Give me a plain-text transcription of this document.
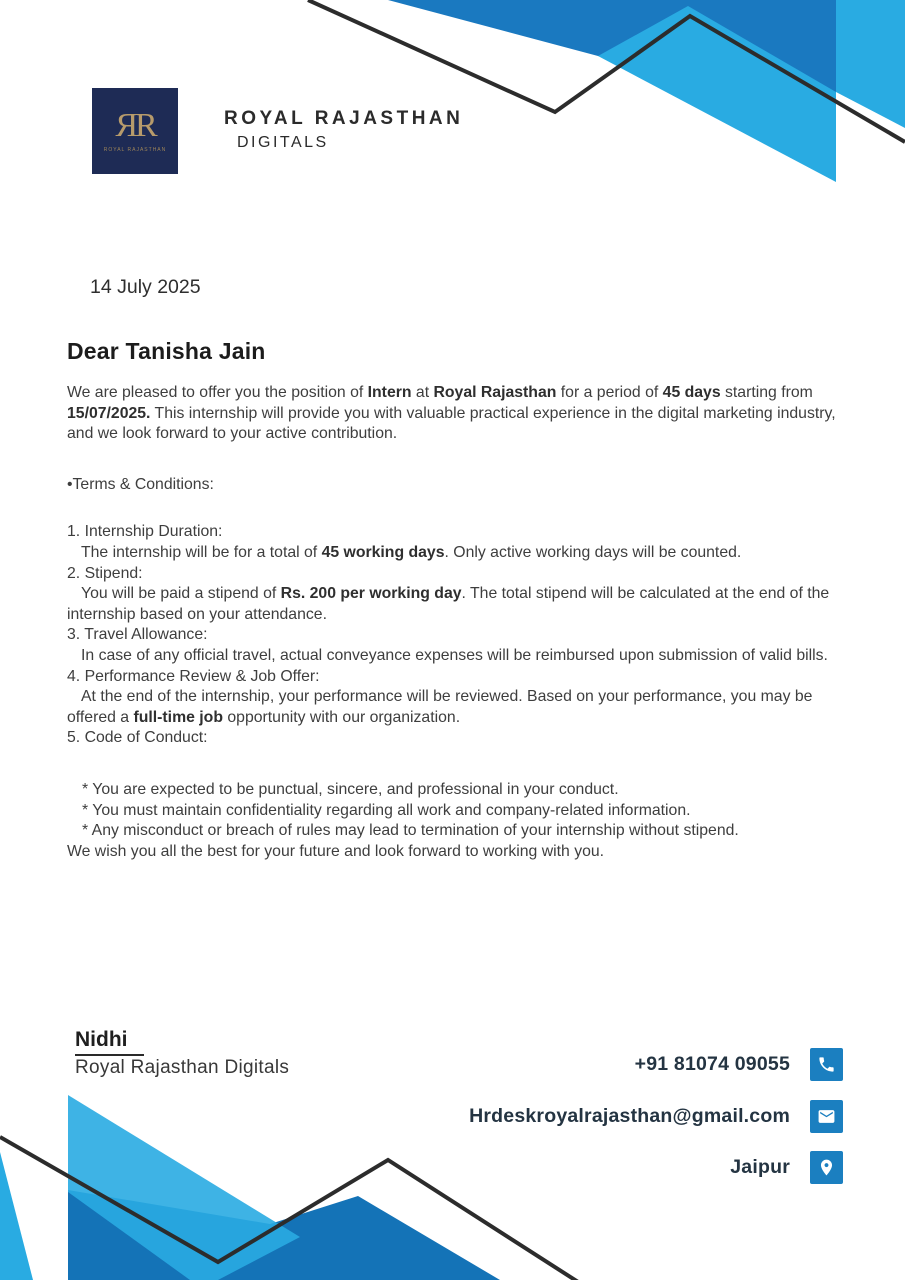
ЯR
ROYAL RAJASTHAN
ROYAL RAJASTHAN
DIGITALS
14 July 2025
Dear Tanisha Jain

We are pleased to offer you the position of Intern at Royal Rajasthan for a period of 45 days starting from 15/07/2025. This internship will provide you with valuable practical experience in the digital marketing industry, and we look forward to your active contribution.

•Terms & Conditions:

1. Internship Duration:
The internship will be for a total of 45 working days. Only active working days will be counted.
2. Stipend:
You will be paid a stipend of Rs. 200 per working day. The total stipend will be calculated at the end of the internship based on your attendance.
3. Travel Allowance:
In case of any official travel, actual conveyance expenses will be reimbursed upon submission of valid bills.
4. Performance Review & Job Offer:
At the end of the internship, your performance will be reviewed. Based on your performance, you may be offered a full-time job opportunity with our organization.

5. Code of Conduct:

* You are expected to be punctual, sincere, and professional in your conduct.
* You must maintain confidentiality regarding all work and company-related information.
* Any misconduct or breach of rules may lead to termination of your internship without stipend.

We wish you all the best for your future and look forward to working with you.

Nidhi
Royal Rajasthan Digitals	+91 81074 09055
Hrdeskroyalrajasthan@gmail.com
Jaipur
